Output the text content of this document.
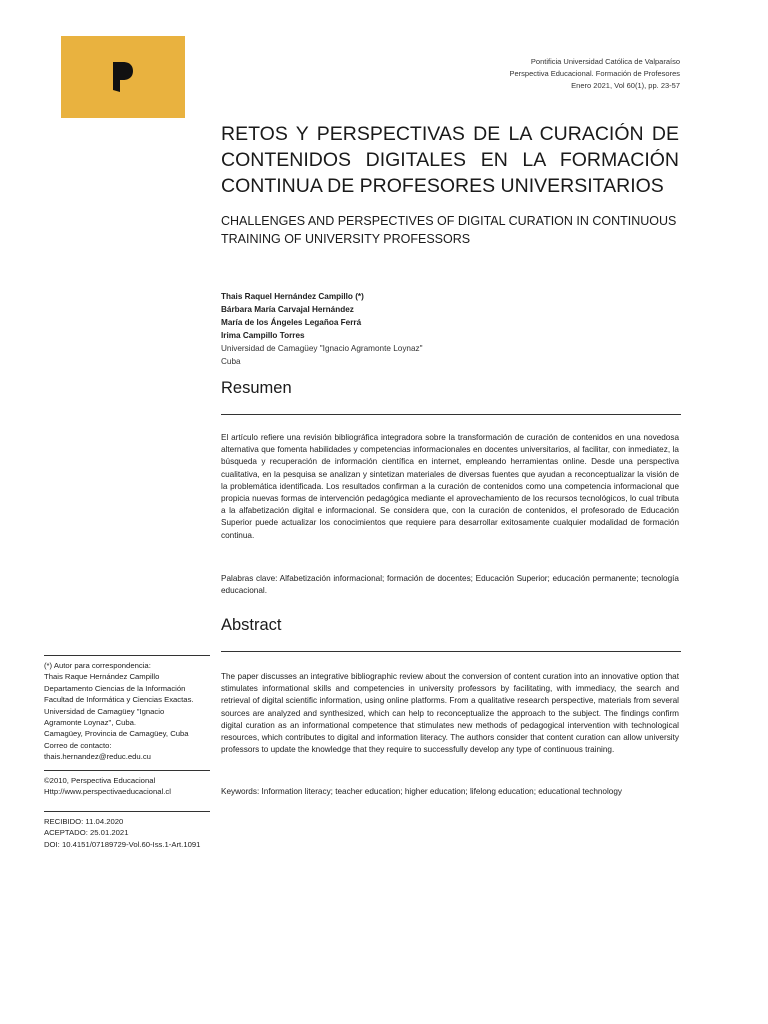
Pontificia Universidad Católica de Valparaíso
Perspectiva Educacional. Formación de Profesores
Enero 2021, Vol 60(1), pp. 23-57
RETOS Y PERSPECTIVAS DE LA CURACIÓN DE CONTENIDOS DIGITALES EN LA FORMACIÓN CONTINUA DE PROFESORES UNIVERSITARIOS

CHALLENGES AND PERSPECTIVES OF DIGITAL CURATION IN CONTINUOUS TRAINING OF UNIVERSITY PROFESSORS

Thais Raquel Hernández Campillo (*)
Bárbara María Carvajal Hernández
María de los Ángeles Legañoa Ferrá
Irima Campillo Torres
Universidad de Camagüey "Ignacio Agramonte Loynaz"
Cuba
Resumen

El artículo refiere una revisión bibliográfica integradora sobre la transformación de curación de contenidos en una novedosa alternativa que fomenta habilidades y competencias informacionales en docentes universitarios, al facilitar, con inmediatez, la búsqueda y recuperación de información científica en internet, empleando herramientas online. Desde una perspectiva cualitativa, en la pesquisa se analizan y sintetizan materiales de diversas fuentes que ayudan a reconceptualizar la visión de la problemática identificada. Los resultados confirman a la curación de contenidos como una competencia informacional que propicia nuevas formas de intervención pedagógica mediante el aprovechamiento de los recursos tecnológicos, lo cual tributa a la alfabetización digital e informacional. Se considera que, con la curación de contenidos, el profesorado de Educación Superior puede actualizar los conocimientos que requiere para desarrollar exitosamente cualquier modalidad de formación continua.

Palabras clave: Alfabetización informacional; formación de docentes; Educación Superior; educación permanente; tecnología educacional.

Abstract

The paper discusses an integrative bibliographic review about the conversion of content curation into an innovative option that stimulates informational skills and competencies in university professors by facilitating, with immediacy, the search and retrieval of digital scientific information, using online platforms. From a qualitative research perspective, materials from several sources are analyzed and synthesized, which can help to reconceptualize the approach to the subject. The findings confirm digital curation as an informational competence that stimulates new methods of pedagogical intervention with technological resources, which contributes to digital and information literacy. The authors consider that content curation can allow university professors to update the knowledge that they require to successfully develop any type of continuous training.

Keywords: Information literacy; teacher education; higher education; lifelong education; educational technology

(*) Autor para correspondencia:
Thais Raque Hernández Campillo
Departamento Ciencias de la Información
Facultad de Informática y Ciencias Exactas.
Universidad de Camagüey "Ignacio
Agramonte Loynaz", Cuba.
Camagüey, Provincia de Camagüey, Cuba
Correo de contacto:
thais.hernandez@reduc.edu.cu
©2010, Perspectiva Educacional
Http://www.perspectivaeducacional.cl
RECIBIDO: 11.04.2020
ACEPTADO: 25.01.2021
DOI: 10.4151/07189729-Vol.60-Iss.1-Art.1091
